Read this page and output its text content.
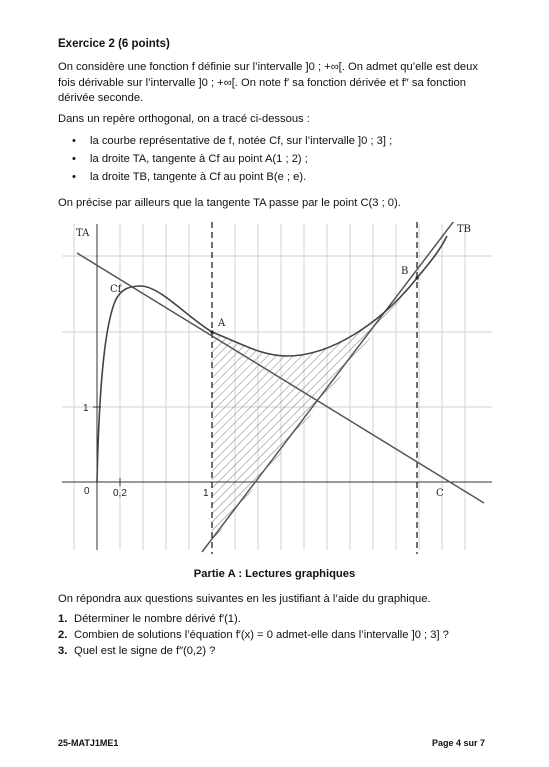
Exercice 2 (6 points)
On considère une fonction f définie sur l’intervalle ]0 ; +∞[. On admet qu’elle est deux fois dérivable sur l’intervalle ]0 ; +∞[. On note f′ sa fonction dérivée et f″ sa fonction dérivée seconde.
Dans un repère orthogonal, on a tracé ci-dessous :
• la courbe représentative de f, notée Cf, sur l’intervalle ]0 ; 3] ;
• la droite TA, tangente à Cf au point A(1 ; 2) ;
• la droite TB, tangente à Cf au point B(e ; e).
On précise par ailleurs que la tangente TA passe par le point C(3 ; 0).
TA	TB
Cf
A
B
C
0 0,2	1
1
Partie A : Lectures graphiques
On répondra aux questions suivantes en les justifiant à l’aide du graphique.
1. Déterminer le nombre dérivé f′(1).
2. Combien de solutions l’équation f′(x) = 0 admet-elle dans l’intervalle ]0 ; 3] ?
3. Quel est le signe de f″(0,2) ?
25-MATJ1ME1	Page 4 sur 7
